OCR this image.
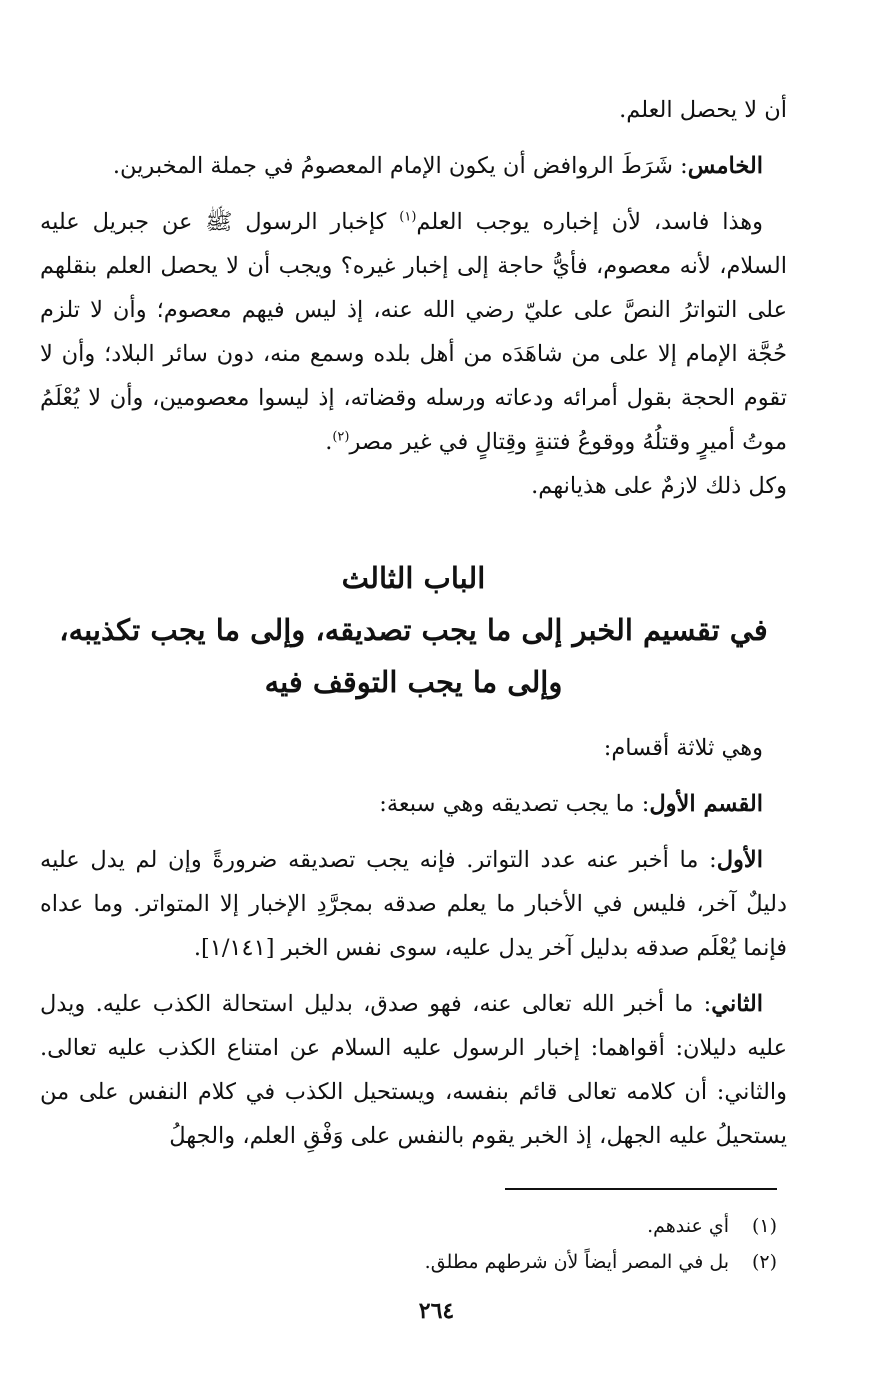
أن لا يحصل العلم.

الخامس: شَرَطَ الروافض أن يكون الإمام المعصومُ في جملة المخبرين.

وهذا فاسد، لأن إخباره يوجب العلم$^{(١)}$ كإخبار الرسول ﷺ عن جبريل عليه السلام، لأنه معصوم، فأيُّ حاجة إلى إخبار غيره؟ ويجب أن لا يحصل العلم بنقلهم على التواترُ النصَّ على عليّ رضي الله عنه، إذ ليس فيهم معصوم؛ وأن لا تلزم حُجَّة الإمام إلا على من شاهَدَه من أهل بلده وسمع منه، دون سائر البلاد؛ وأن لا تقوم الحجة بقول أمرائه ودعاته ورسله وقضاته، إذ ليسوا معصومين، وأن لا يُعْلَمُ موتُ أميرٍ وقتلُهُ ووقوعُ فتنةٍ وقِتالٍ في غير مصر$^{(٢)}$.

وكل ذلك لازمٌ على هذيانهم.

الباب الثالث

في تقسيم الخبر إلى ما يجب تصديقه، وإلى ما يجب تكذيبه،

وإلى ما يجب التوقف فيه

وهي ثلاثة أقسام:

القسم الأول: ما يجب تصديقه وهي سبعة:

الأول: ما أخبر عنه عدد التواتر. فإنه يجب تصديقه ضرورةً وإن لم يدل عليه دليلٌ آخر، فليس في الأخبار ما يعلم صدقه بمجرَّدِ الإخبار إلا المتواتر. وما عداه فإنما يُعْلَم صدقه بدليل آخر يدل عليه، سوى نفس الخبر [١/١٤١].

الثاني: ما أخبر الله تعالى عنه، فهو صدق، بدليل استحالة الكذب عليه. ويدل عليه دليلان: أقواهما: إخبار الرسول عليه السلام عن امتناع الكذب عليه تعالى. والثاني: أن كلامه تعالى قائم بنفسه، ويستحيل الكذب في كلام النفس على من يستحيلُ عليه الجهل، إذ الخبر يقوم بالنفس على وَفْقِ العلم، والجهلُ

(١)أي عندهم.

(٢)بل في المصر أيضاً لأن شرطهم مطلق.

٢٦٤
